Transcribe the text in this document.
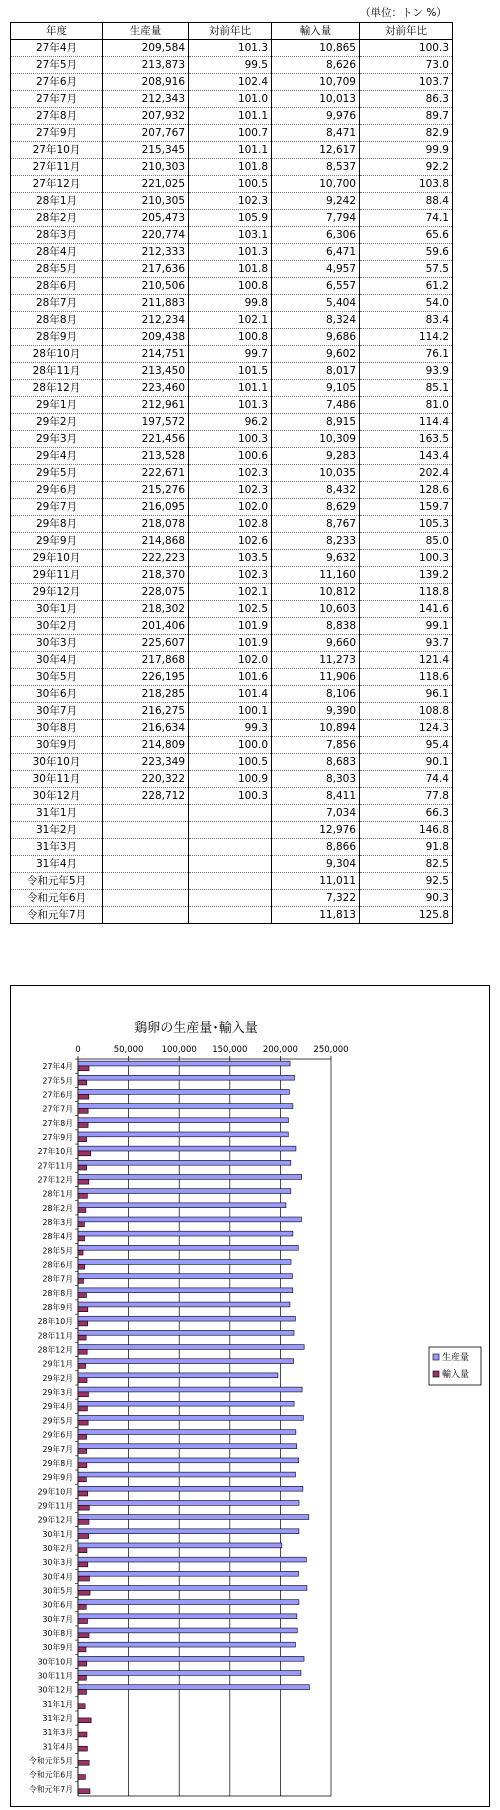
（単位：トン %）
年度	生産量	対前年比	輸入量	対前年比
27年4月	209,584	101.3	10,865	100.3
27年5月	213,873	99.5	8,626	73.0
27年6月	208,916	102.4	10,709	103.7
27年7月	212,343	101.0	10,013	86.3
27年8月	207,932	101.1	9,976	89.7
27年9月	207,767	100.7	8,471	82.9
27年10月	215,345	101.1	12,617	99.9
27年11月	210,303	101.8	8,537	92.2
27年12月	221,025	100.5	10,700	103.8
28年1月	210,305	102.3	9,242	88.4
28年2月	205,473	105.9	7,794	74.1
28年3月	220,774	103.1	6,306	65.6
28年4月	212,333	101.3	6,471	59.6
28年5月	217,636	101.8	4,957	57.5
28年6月	210,506	100.8	6,557	61.2
28年7月	211,883	99.8	5,404	54.0
28年8月	212,234	102.1	8,324	83.4
28年9月	209,438	100.8	9,686	114.2
28年10月	214,751	99.7	9,602	76.1
28年11月	213,450	101.5	8,017	93.9
28年12月	223,460	101.1	9,105	85.1
29年1月	212,961	101.3	7,486	81.0
29年2月	197,572	96.2	8,915	114.4
29年3月	221,456	100.3	10,309	163.5
29年4月	213,528	100.6	9,283	143.4
29年5月	222,671	102.3	10,035	202.4
29年6月	215,276	102.3	8,432	128.6
29年7月	216,095	102.0	8,629	159.7
29年8月	218,078	102.8	8,767	105.3
29年9月	214,868	102.6	8,233	85.0
29年10月	222,223	103.5	9,632	100.3
29年11月	218,370	102.3	11,160	139.2
29年12月	228,075	102.1	10,812	118.8
30年1月	218,302	102.5	10,603	141.6
30年2月	201,406	101.9	8,838	99.1
30年3月	225,607	101.9	9,660	93.7
30年4月	217,868	102.0	11,273	121.4
30年5月	226,195	101.6	11,906	118.6
30年6月	218,285	101.4	8,106	96.1
30年7月	216,275	100.1	9,390	108.8
30年8月	216,634	99.3	10,894	124.3
30年9月	214,809	100.0	7,856	95.4
30年10月	223,349	100.5	8,683	90.1
30年11月	220,322	100.9	8,303	74.4
30年12月	228,712	100.3	8,411	77.8
31年1月			7,034	66.3
31年2月			12,976	146.8
31年3月			8,866	91.8
31年4月			9,304	82.5
令和元年5月			11,011	92.5
令和元年6月			7,322	90.3
令和元年7月			11,813	125.8
鶏卵の生産量･輸入量
0	50,000 100,000 150,000 200,000 250,000
27年4月
27年5月
27年6月
27年7月
27年8月
27年9月
27年10月
27年11月
27年12月
28年1月
28年2月
28年3月
28年4月
28年5月
28年6月
28年7月
28年8月
28年9月
28年10月
28年11月
28年12月
29年1月
29年2月
29年3月
29年4月
29年5月
29年6月
29年7月
29年8月
29年9月
29年10月
29年11月
29年12月
30年1月
30年2月
30年3月
30年4月
30年5月
30年6月
30年7月
30年8月
30年9月
30年10月
30年11月
30年12月
31年1月
31年2月
31年3月
31年4月
令和元年5月
令和元年6月
令和元年7月
生産量
輸入量
